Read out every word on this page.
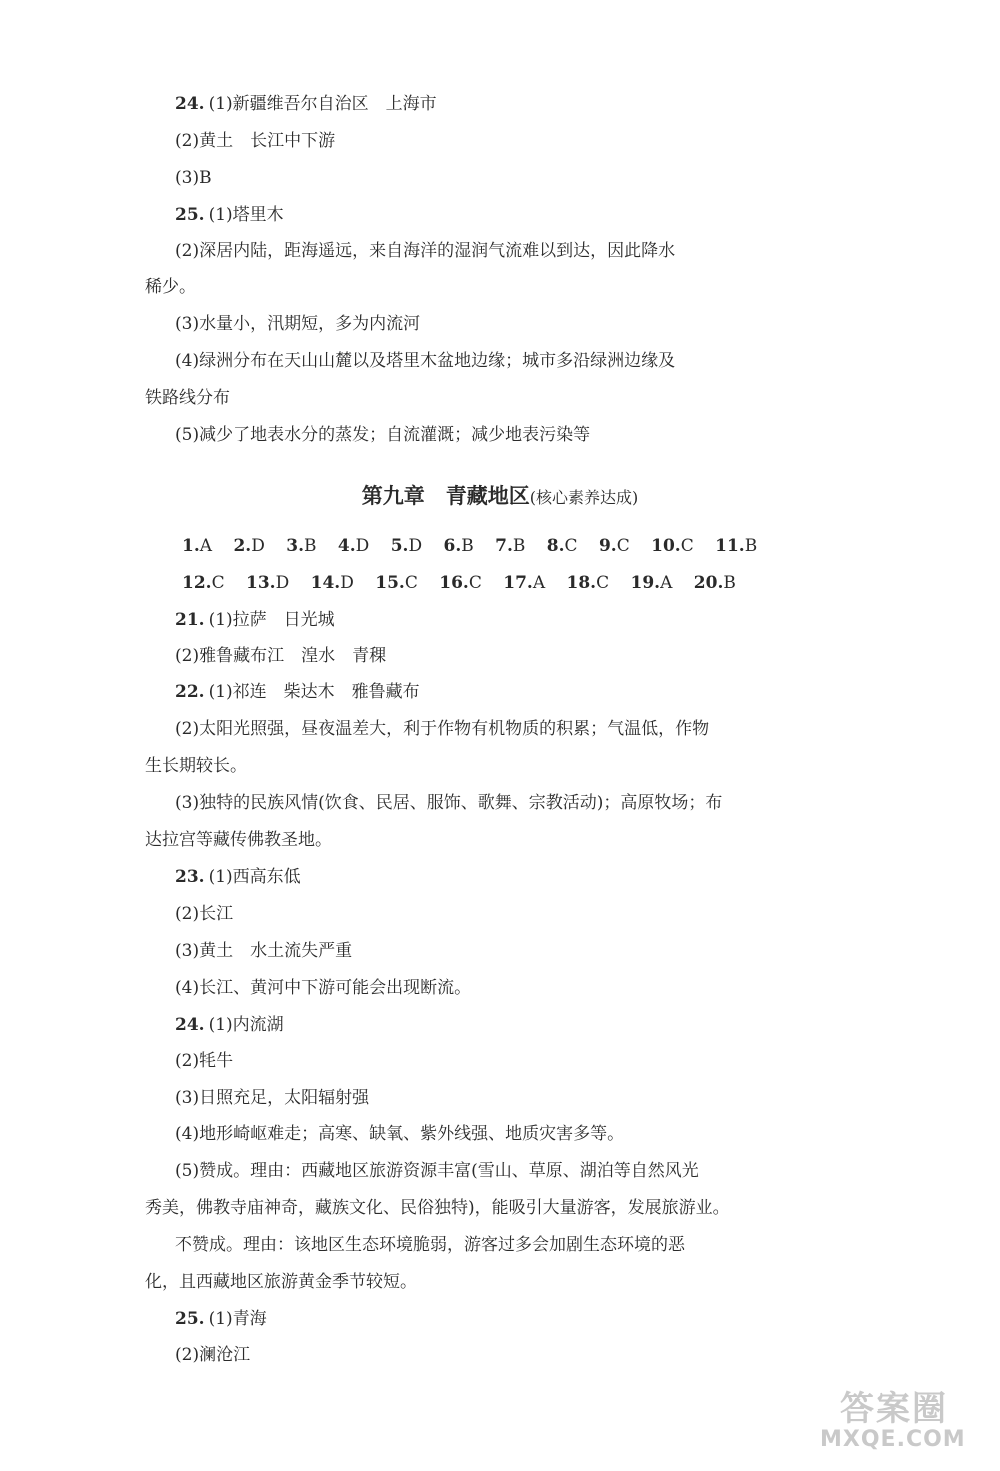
24. (1)新疆维吾尔自治区　上海市
(2)黄土　长江中下游
(3)B
25. (1)塔里木
(2)深居内陆，距海遥远，来自海洋的湿润气流难以到达，因此降水
稀少。
(3)水量小，汛期短，多为内流河
(4)绿洲分布在天山山麓以及塔里木盆地边缘；城市多沿绿洲边缘及
铁路线分布
(5)减少了地表水分的蒸发；自流灌溉；减少地表污染等
第九章　青藏地区(核心素养达成)
1.A 2.D 3.B 4.D 5.D 6.B 7.B 8.C 9.C 10.C 11.B
12.C 13.D 14.D 15.C 16.C 17.A 18.C 19.A 20.B
21. (1)拉萨　日光城
(2)雅鲁藏布江　湟水　青稞
22. (1)祁连　柴达木　雅鲁藏布
(2)太阳光照强，昼夜温差大，利于作物有机物质的积累；气温低，作物
生长期较长。
(3)独特的民族风情(饮食、民居、服饰、歌舞、宗教活动)；高原牧场；布
达拉宫等藏传佛教圣地。
23. (1)西高东低
(2)长江
(3)黄土　水土流失严重
(4)长江、黄河中下游可能会出现断流。
24. (1)内流湖
(2)牦牛
(3)日照充足，太阳辐射强
(4)地形崎岖难走；高寒、缺氧、紫外线强、地质灾害多等。
(5)赞成。理由：西藏地区旅游资源丰富(雪山、草原、湖泊等自然风光
秀美，佛教寺庙神奇，藏族文化、民俗独特)，能吸引大量游客，发展旅游业。
不赞成。理由：该地区生态环境脆弱，游客过多会加剧生态环境的恶
化，且西藏地区旅游黄金季节较短。
25. (1)青海
(2)澜沧江
答案圈
MXQE.COM
